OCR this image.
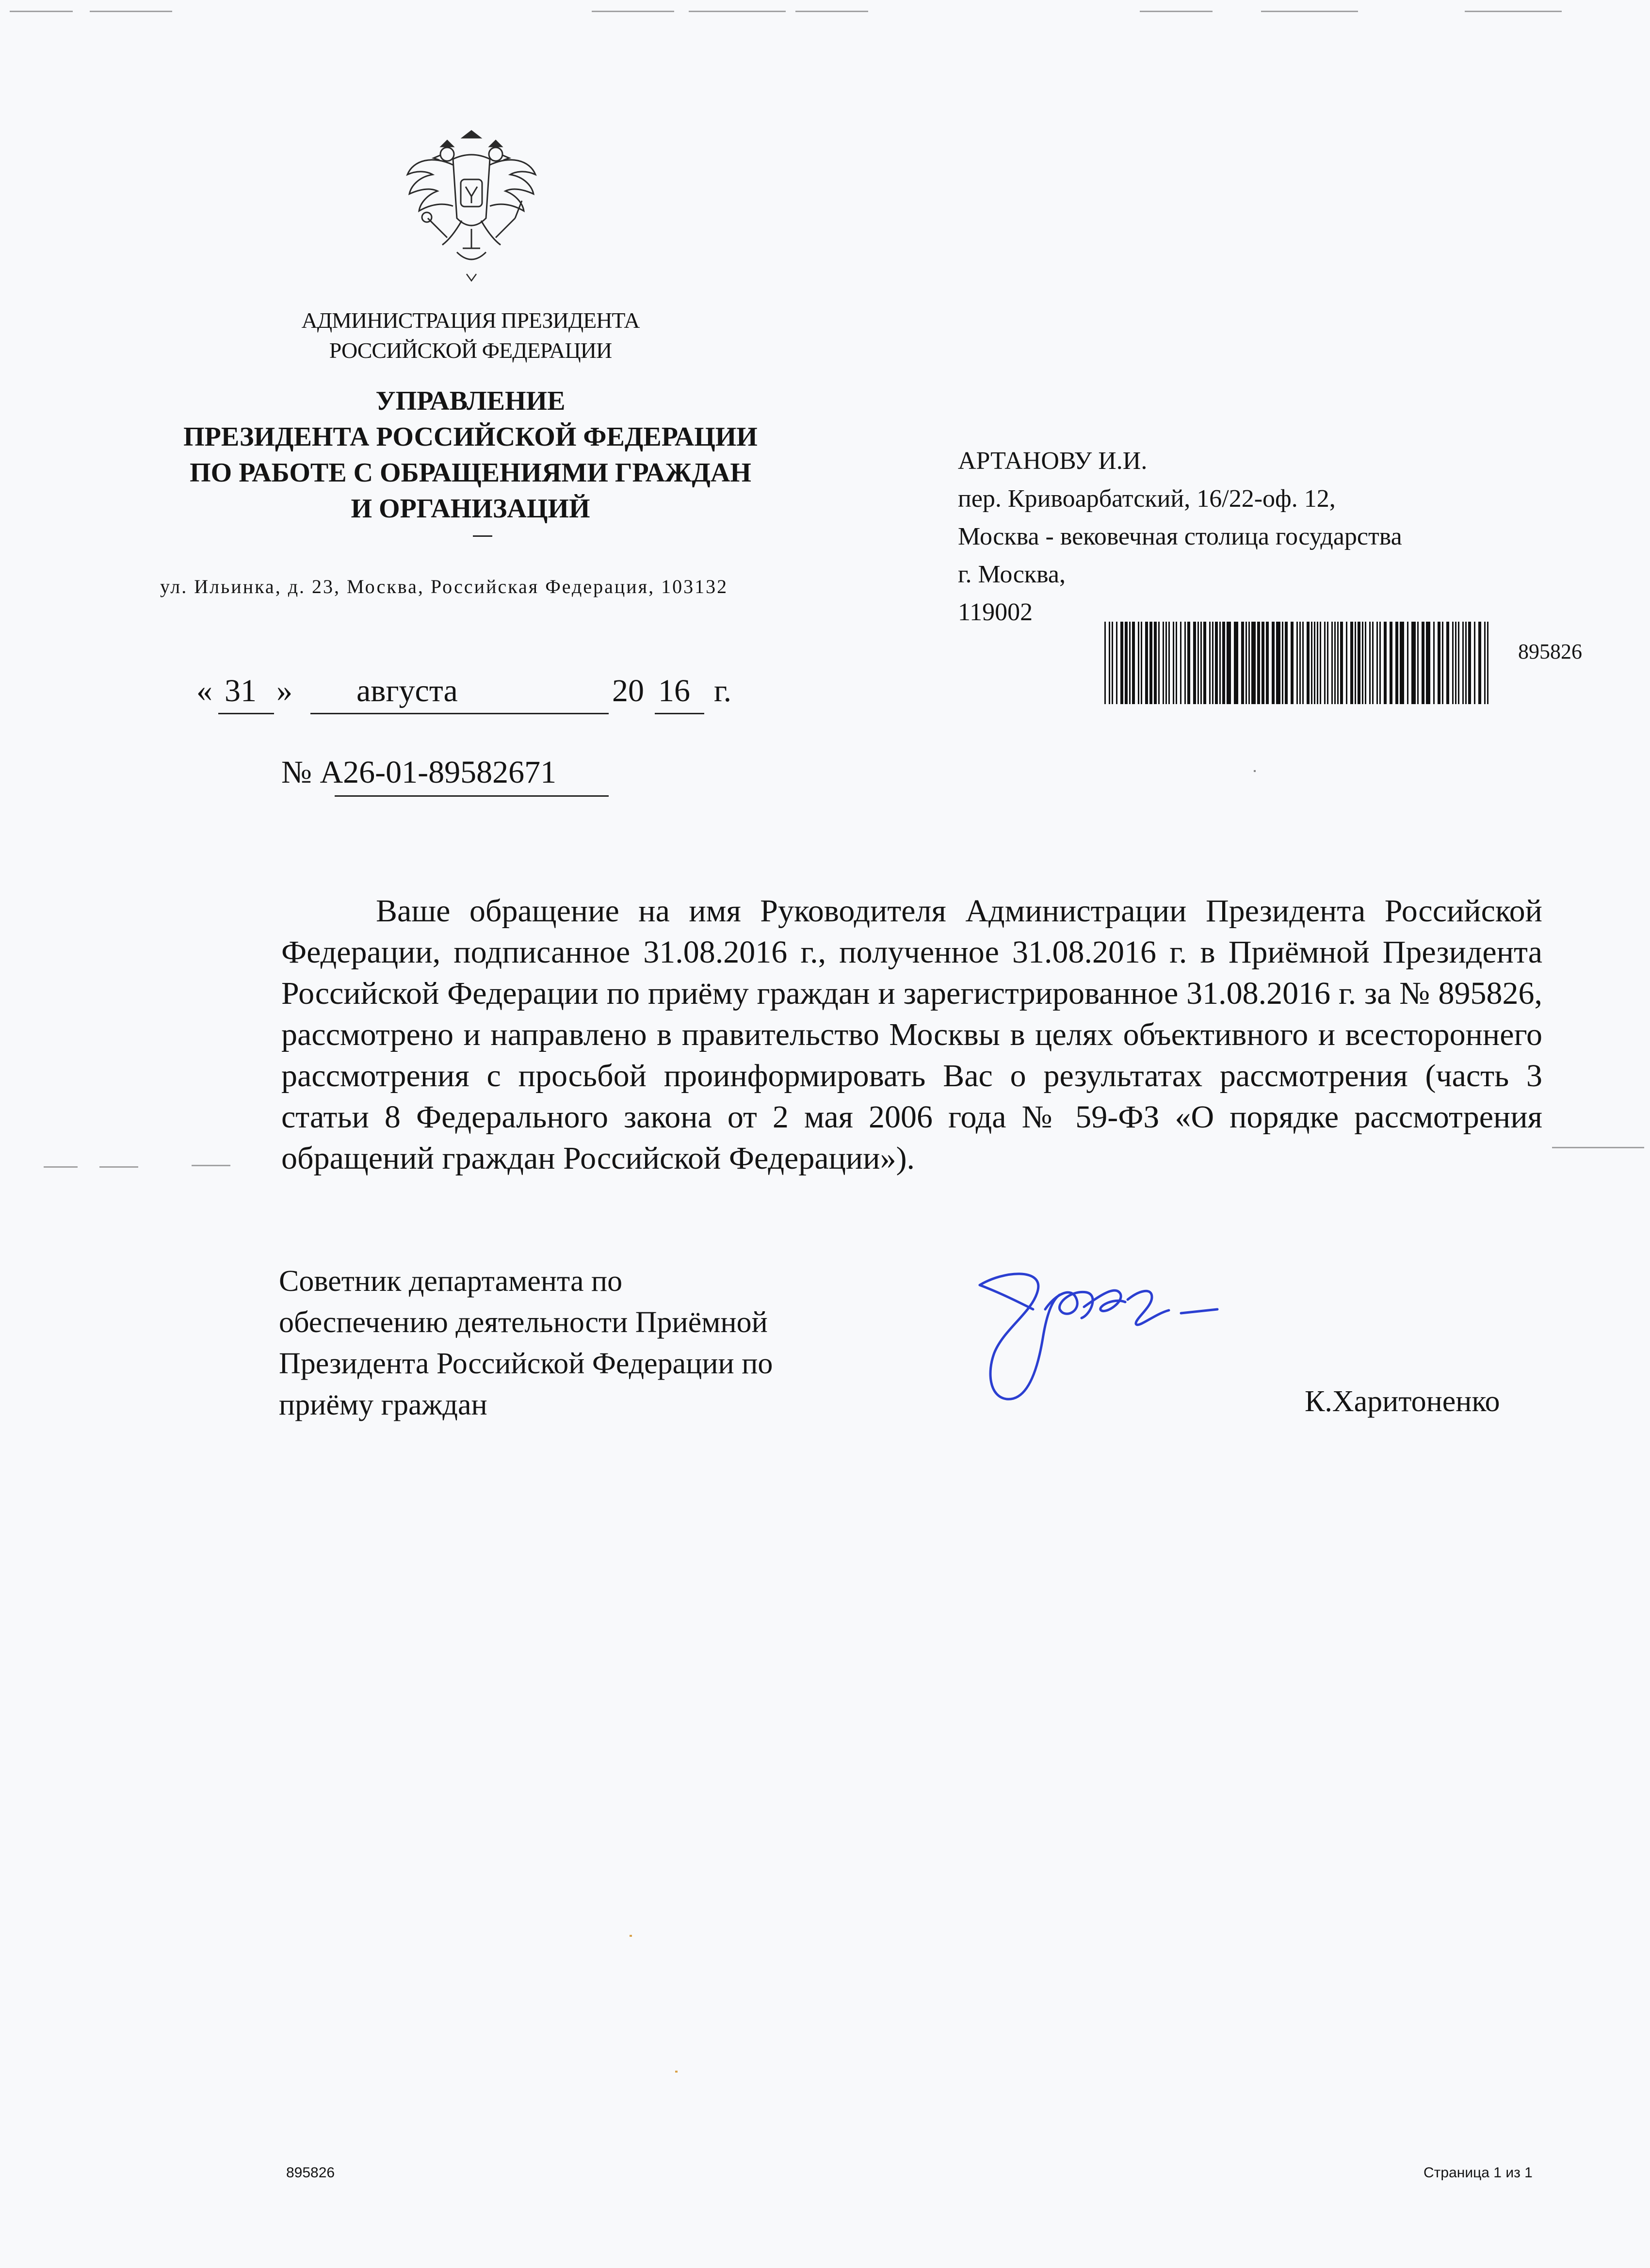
АДМИНИСТРАЦИЯ ПРЕЗИДЕНТА
РОССИЙСКОЙ ФЕДЕРАЦИИ
УПРАВЛЕНИЕ
ПРЕЗИДЕНТА РОССИЙСКОЙ ФЕДЕРАЦИИ
ПО РАБОТЕ С ОБРАЩЕНИЯМИ ГРАЖДАН
И ОРГАНИЗАЦИЙ
ул. Ильинка, д. 23, Москва, Российская Федерация, 103132
АРТАНОВУ И.И.
пер. Кривоарбатский, 16/22-оф. 12,
Москва - вековечная столица государства
г. Москва,
119002
895826
« 31 » августа	20 16 г.
№ А26-01-89582671
Ваше обращение на имя Руководителя Администрации Президента Российской Федерации, подписанное 31.08.2016 г., полученное 31.08.2016 г. в Приёмной Президента Российской Федерации по приёму граждан и зарегистрированное 31.08.2016 г. за № 895826, рассмотрено и направлено в правительство Москвы в целях объективного и всестороннего рассмотрения с просьбой проинформировать Вас о результатах рассмотрения (часть 3 статьи 8 Федерального закона от 2 мая 2006 года № 59-ФЗ «О порядке рассмотрения обращений граждан Российской Федерации»).
Советник департамента по
обеспечению деятельности Приёмной
Президента Российской Федерации по
приёму граждан	К.Харитоненко
895826	Страница 1 из 1
